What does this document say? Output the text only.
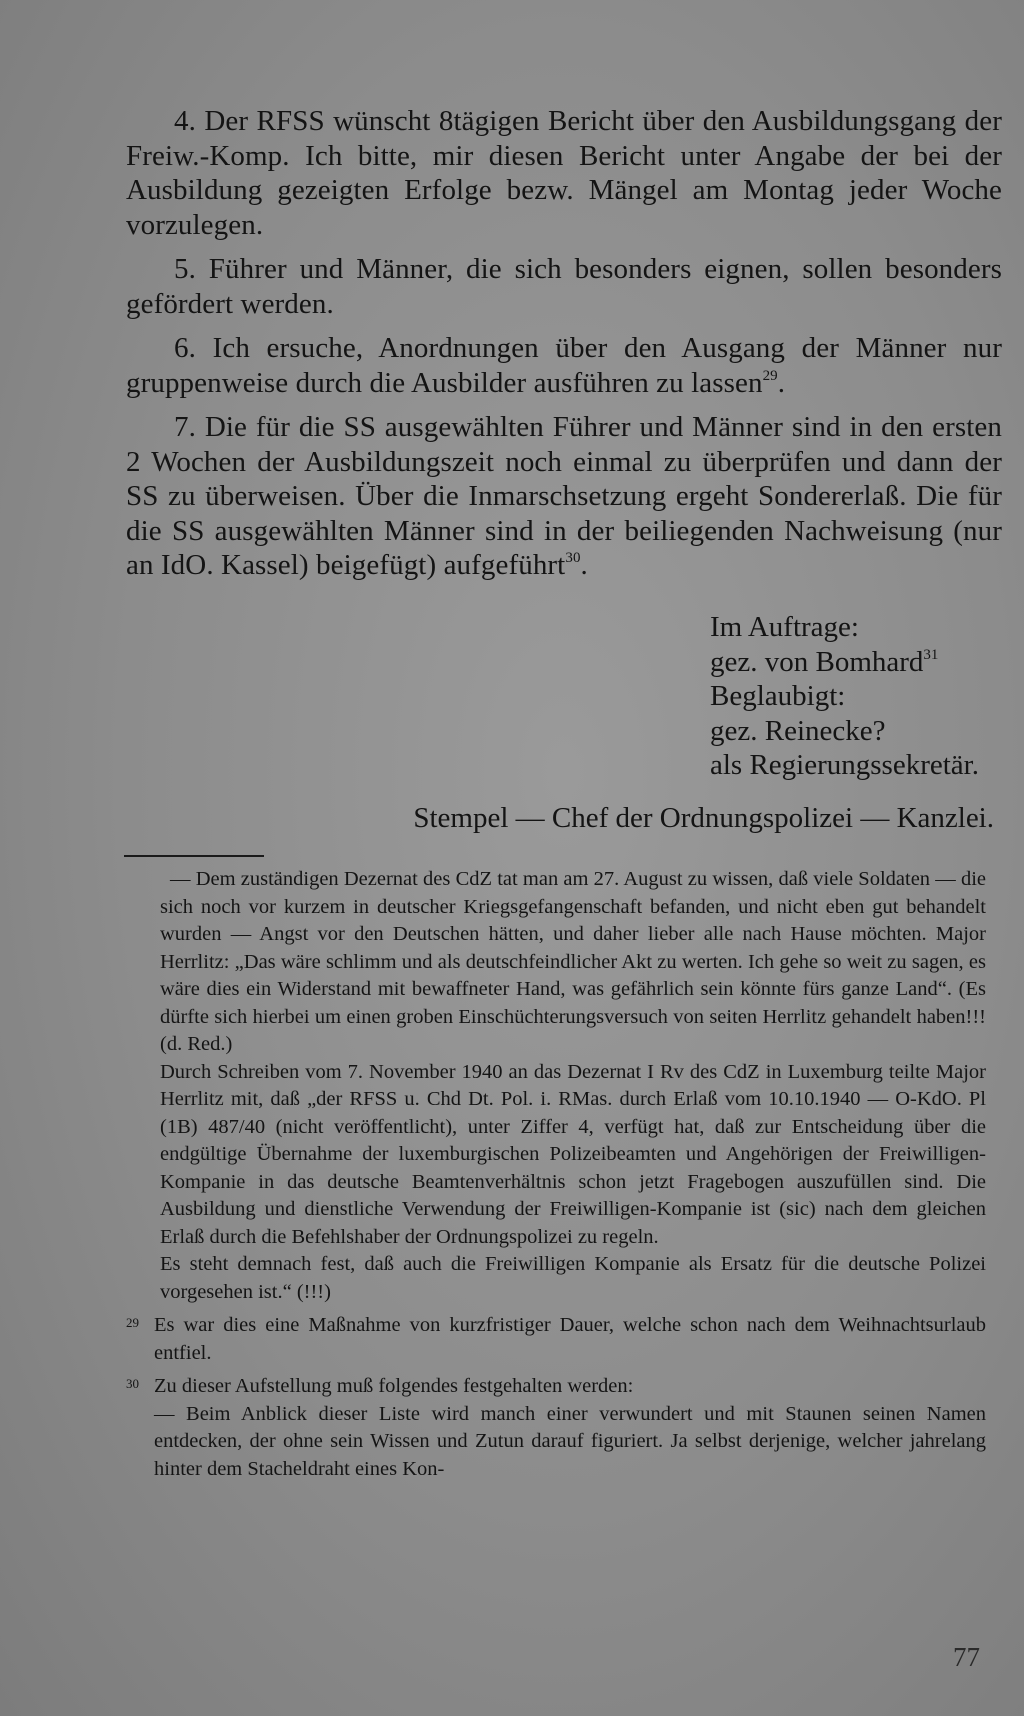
4. Der RFSS wünscht 8tägigen Bericht über den Ausbildungsgang der Freiw.-Komp. Ich bitte, mir diesen Bericht unter Angabe der bei der Ausbildung gezeigten Erfolge bezw. Mängel am Montag jeder Woche vorzulegen.

5. Führer und Männer, die sich besonders eignen, sollen besonders gefördert werden.

6. Ich ersuche, Anordnungen über den Ausgang der Männer nur gruppenweise durch die Ausbilder ausführen zu lassen$^{29}$.

7. Die für die SS ausgewählten Führer und Männer sind in den ersten 2 Wochen der Ausbildungszeit noch einmal zu überprüfen und dann der SS zu überweisen. Über die Inmarschsetzung ergeht Sondererlaß. Die für die SS ausgewählten Männer sind in der beiliegenden Nachweisung (nur an IdO. Kassel) beigefügt) aufgeführt$^{30}$.

Im Auftrage:
gez. von Bomhard$^{31}$
Beglaubigt:
gez. Reinecke?
als Regierungssekretär.
Stempel — Chef der Ordnungspolizei — Kanzlei.

— Dem zuständigen Dezernat des CdZ tat man am 27. August zu wissen, daß viele Soldaten — die sich noch vor kurzem in deutscher Kriegsgefangenschaft befanden, und nicht eben gut behandelt wurden — Angst vor den Deutschen hätten, und daher lieber alle nach Hause möchten. Major Herrlitz: „Das wäre schlimm und als deutschfeindlicher Akt zu werten. Ich gehe so weit zu sagen, es wäre dies ein Widerstand mit bewaffneter Hand, was gefährlich sein könnte fürs ganze Land“. (Es dürfte sich hierbei um einen groben Einschüchterungsversuch von seiten Herrlitz gehandelt haben!!! (d. Red.)

Durch Schreiben vom 7. November 1940 an das Dezernat I Rv des CdZ in Luxemburg teilte Major Herrlitz mit, daß „der RFSS u. Chd Dt. Pol. i. RMas. durch Erlaß vom 10.10.1940 — O-KdO. Pl (1B) 487/40 (nicht veröffentlicht), unter Ziffer 4, verfügt hat, daß zur Entscheidung über die endgültige Übernahme der luxemburgischen Polizeibeamten und Angehörigen der Freiwilligen-Kompanie in das deutsche Beamtenverhältnis schon jetzt Fragebogen auszufüllen sind. Die Ausbildung und dienstliche Verwendung der Freiwilligen-Kompanie ist (sic) nach dem gleichen Erlaß durch die Befehlshaber der Ordnungspolizei zu regeln.

Es steht demnach fest, daß auch die Freiwilligen Kompanie als Ersatz für die deutsche Polizei vorgesehen ist.“ (!!!)

29 Es war dies eine Maßnahme von kurzfristiger Dauer, welche schon nach dem Weihnachtsurlaub entfiel.

30 Zu dieser Aufstellung muß folgendes festgehalten werden:

— Beim Anblick dieser Liste wird manch einer verwundert und mit Staunen seinen Namen entdecken, der ohne sein Wissen und Zutun darauf figuriert. Ja selbst derjenige, welcher jahrelang hinter dem Stacheldraht eines Kon-

77
